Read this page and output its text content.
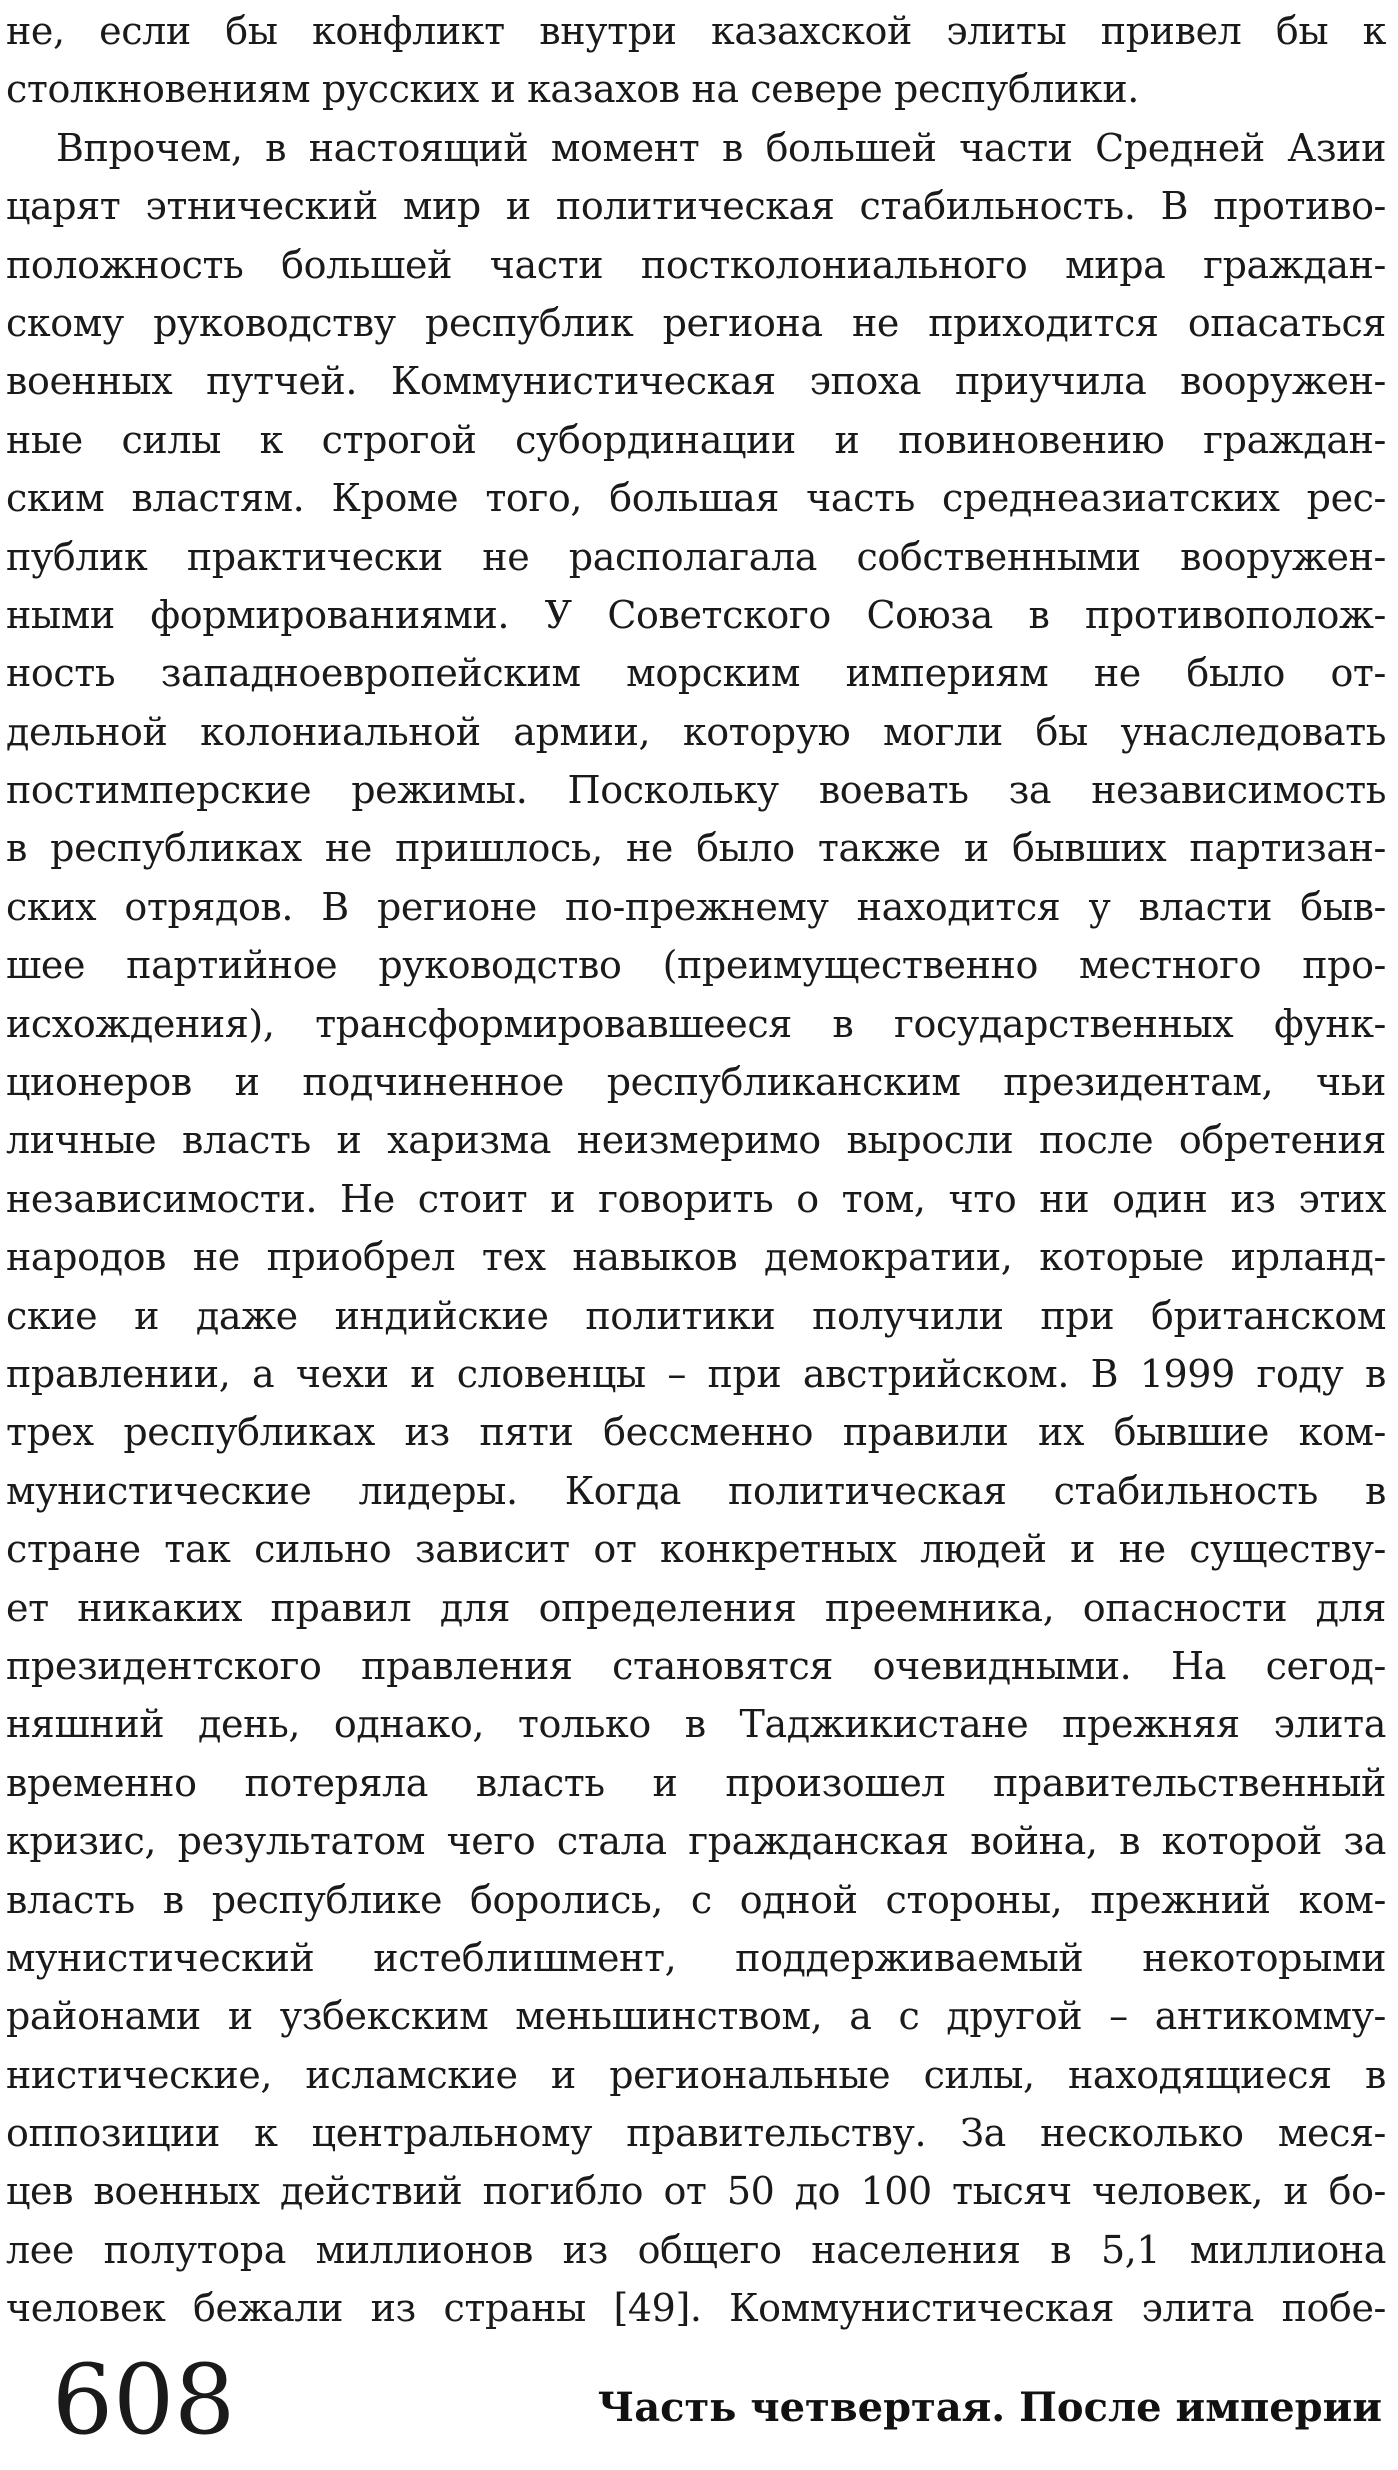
не, если бы конфликт внутри казахской элиты привел бы к
столкновениям русских и казахов на севере республики.
Впрочем, в настоящий момент в большей части Средней Азии
царят этнический мир и политическая стабильность. В противо-
положность большей части постколониального мира граждан-
скому руководству республик региона не приходится опасаться
военных путчей. Коммунистическая эпоха приучила вооружен-
ные силы к строгой субординации и повиновению граждан-
ским властям. Кроме того, большая часть среднеазиатских рес-
публик практически не располагала собственными вооружен-
ными формированиями. У Советского Союза в противополож-
ность западноевропейским морским империям не было от-
дельной колониальной армии, которую могли бы унаследовать
постимперские режимы. Поскольку воевать за независимость
в республиках не пришлось, не было также и бывших партизан-
ских отрядов. В регионе по-прежнему находится у власти быв-
шее партийное руководство (преимущественно местного про-
исхождения), трансформировавшееся в государственных функ-
ционеров и подчиненное республиканским президентам, чьи
личные власть и харизма неизмеримо выросли после обретения
независимости. Не стоит и говорить о том, что ни один из этих
народов не приобрел тех навыков демократии, которые ирланд-
ские и даже индийские политики получили при британском
правлении, а чехи и словенцы – при австрийском. В 1999 году в
трех республиках из пяти бессменно правили их бывшие ком-
мунистические лидеры. Когда политическая стабильность в
стране так сильно зависит от конкретных людей и не существу-
ет никаких правил для определения преемника, опасности для
президентского правления становятся очевидными. На сегод-
няшний день, однако, только в Таджикистане прежняя элита
временно потеряла власть и произошел правительственный
кризис, результатом чего стала гражданская война, в которой за
власть в республике боролись, с одной стороны, прежний ком-
мунистический истеблишмент, поддерживаемый некоторыми
районами и узбекским меньшинством, а с другой – антикомму-
нистические, исламские и региональные силы, находящиеся в
оппозиции к центральному правительству. За несколько меся-
цев военных действий погибло от 50 до 100 тысяч человек, и бо-
лее полутора миллионов из общего населения в 5,1 миллиона
человек бежали из страны [49]. Коммунистическая элита побе-
608	Часть четвертая. После империи
